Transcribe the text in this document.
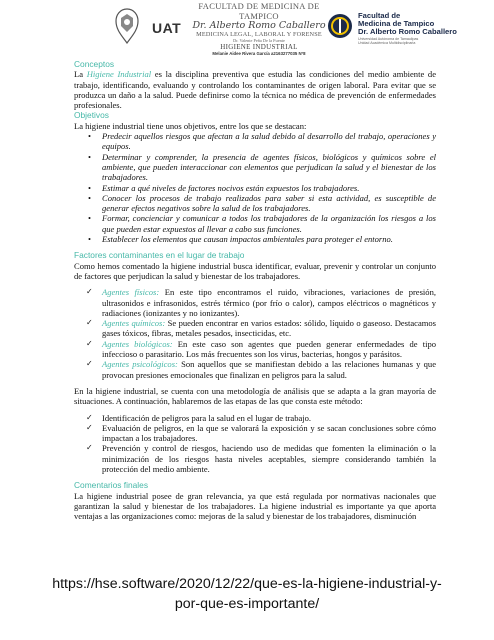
UAT
FACULTAD DE MEDICINA DE TAMPICO
Dr. Alberto Romo Caballero
MEDICINA LEGAL, LABORAL Y FORENSE
Dr. Valente Peña De la Fuente
HIGIENE INDUSTRIAL
Melanie Aidee Rivera García a2163277035 Nº8
Facultad de
Medicina de Tampico
Dr. Alberto Romo Caballero
Universidad Autónoma de Tamaulipas
Unidad Académica Multidisciplinaria
Conceptos

La Higiene Industrial es la disciplina preventiva que estudia las condiciones del medio ambiente de trabajo, identificando, evaluando y controlando los contaminantes de origen laboral. Para evitar que se produzca un daño a la salud. Puede definirse como la técnica no médica de prevención de enfermedades profesionales.

Objetivos

La higiene industrial tiene unos objetivos, entre los que se destacan:

• Predecir aquellos riesgos que afectan a la salud debido al desarrollo del trabajo, operaciones y equipos.
• Determinar y comprender, la presencia de agentes físicos, biológicos y químicos sobre el ambiente, que pueden interaccionar con elementos que perjudican la salud y el bienestar de los trabajadores.
• Estimar a qué niveles de factores nocivos están expuestos los trabajadores.
• Conocer los procesos de trabajo realizados para saber si esta actividad, es susceptible de generar efectos negativos sobre la salud de los trabajadores.
• Formar, concienciar y comunicar a todos los trabajadores de la organización los riesgos a los que pueden estar expuestos al llevar a cabo sus funciones.
• Establecer los elementos que causan impactos ambientales para proteger el entorno.
Factores contaminantes en el lugar de trabajo

Como hemos comentado la higiene industrial busca identificar, evaluar, prevenir y controlar un conjunto de factores que perjudican la salud y bienestar de los trabajadores.

✓ Agentes físicos: En este tipo encontramos el ruido, vibraciones, variaciones de presión, ultrasonidos e infrasonidos, estrés térmico (por frío o calor), campos eléctricos o magnéticos y radiaciones (ionizantes y no ionizantes).
✓ Agentes químicos: Se pueden encontrar en varios estados: sólido, líquido o gaseoso. Destacamos gases tóxicos, fibras, metales pesados, insecticidas, etc.
✓ Agentes biológicos: En este caso son agentes que pueden generar enfermedades de tipo infeccioso o parasitario. Los más frecuentes son los virus, bacterias, hongos y parásitos.
✓ Agentes psicológicos: Son aquellos que se manifiestan debido a las relaciones humanas y que provocan presiones emocionales que finalizan en peligros para la salud.

En la higiene industrial, se cuenta con una metodología de análisis que se adapta a la gran mayoría de situaciones. A continuación, hablaremos de las etapas de las que consta este método:

✓ Identificación de peligros para la salud en el lugar de trabajo.
✓ Evaluación de peligros, en la que se valorará la exposición y se sacan conclusiones sobre cómo impactan a los trabajadores.
✓ Prevención y control de riesgos, haciendo uso de medidas que fomenten la eliminación o la minimización de los riesgos hasta niveles aceptables, siempre considerando también la protección del medio ambiente.
Comentarios finales

La higiene industrial posee de gran relevancia, ya que está regulada por normativas nacionales que garantizan la salud y bienestar de los trabajadores. La higiene industrial es importante ya que aporta ventajas a las organizaciones como: mejoras de la salud y bienestar de los trabajadores, disminución

https://hse.software/2020/12/22/que-es-la-higiene-industrial-y-
por-que-es-importante/
